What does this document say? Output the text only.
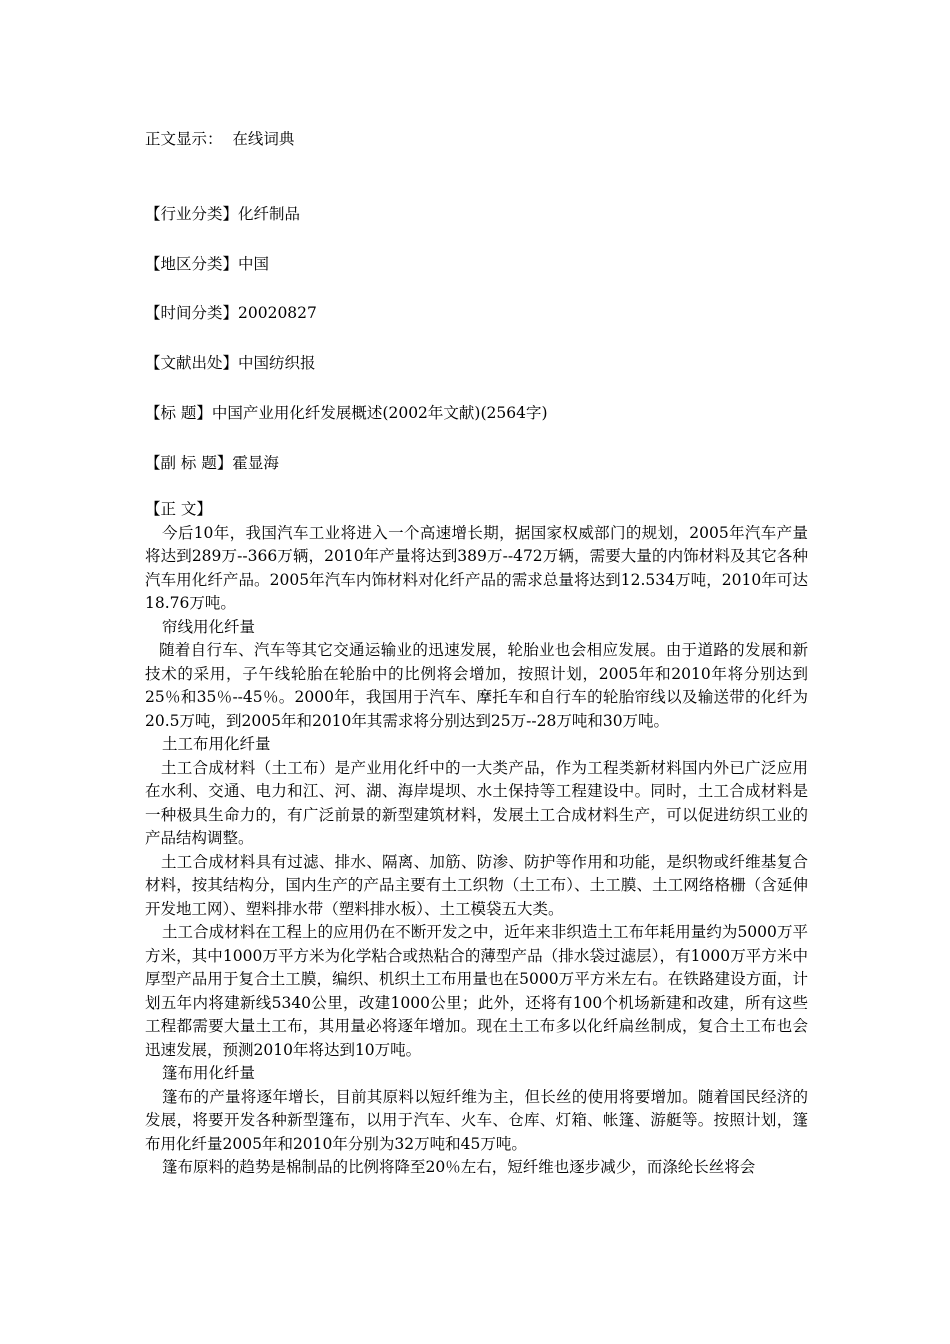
正文显示： 在线词典
【行业分类】化纤制品
【地区分类】中国
【时间分类】20020827
【文献出处】中国纺织报
【标 题】中国产业用化纤发展概述(2002年文献)(2564字)
【副 标 题】霍显海

【正 文】

今后10年，我国汽车工业将进入一个高速增长期，据国家权威部门的规划，2005年汽车产量将达到289万--366万辆，2010年产量将达到389万--472万辆，需要大量的内饰材料及其它各种汽车用化纤产品。2005年汽车内饰材料对化纤产品的需求总量将达到12.534万吨，2010年可达18.76万吨。

帘线用化纤量

随着自行车、汽车等其它交通运输业的迅速发展，轮胎业也会相应发展。由于道路的发展和新技术的采用，子午线轮胎在轮胎中的比例将会增加，按照计划，2005年和2010年将分别达到25％和35％--45％。2000年，我国用于汽车、摩托车和自行车的轮胎帘线以及输送带的化纤为20.5万吨，到2005年和2010年其需求将分别达到25万--28万吨和30万吨。

土工布用化纤量

土工合成材料（土工布）是产业用化纤中的一大类产品，作为工程类新材料国内外已广泛应用在水利、交通、电力和江、河、湖、海岸堤坝、水土保持等工程建设中。同时，土工合成材料是一种极具生命力的，有广泛前景的新型建筑材料，发展土工合成材料生产，可以促进纺织工业的产品结构调整。

土工合成材料具有过滤、排水、隔离、加筋、防渗、防护等作用和功能，是织物或纤维基复合材料，按其结构分，国内生产的产品主要有土工织物（土工布）、土工膜、土工网络格栅（含延伸开发地工网）、塑料排水带（塑料排水板）、土工模袋五大类。

土工合成材料在工程上的应用仍在不断开发之中，近年来非织造土工布年耗用量约为5000万平方米，其中1000万平方米为化学粘合或热粘合的薄型产品（排水袋过滤层），有1000万平方米中厚型产品用于复合土工膜，编织、机织土工布用量也在5000万平方米左右。在铁路建设方面，计划五年内将建新线5340公里，改建1000公里；此外，还将有100个机场新建和改建，所有这些工程都需要大量土工布，其用量必将逐年增加。现在土工布多以化纤扁丝制成，复合土工布也会迅速发展，预测2010年将达到10万吨。

篷布用化纤量

篷布的产量将逐年增长，目前其原料以短纤维为主，但长丝的使用将要增加。随着国民经济的发展，将要开发各种新型篷布，以用于汽车、火车、仓库、灯箱、帐篷、游艇等。按照计划，篷布用化纤量2005年和2010年分别为32万吨和45万吨。

篷布原料的趋势是棉制品的比例将降至20％左右，短纤维也逐步减少，而涤纶长丝将会
